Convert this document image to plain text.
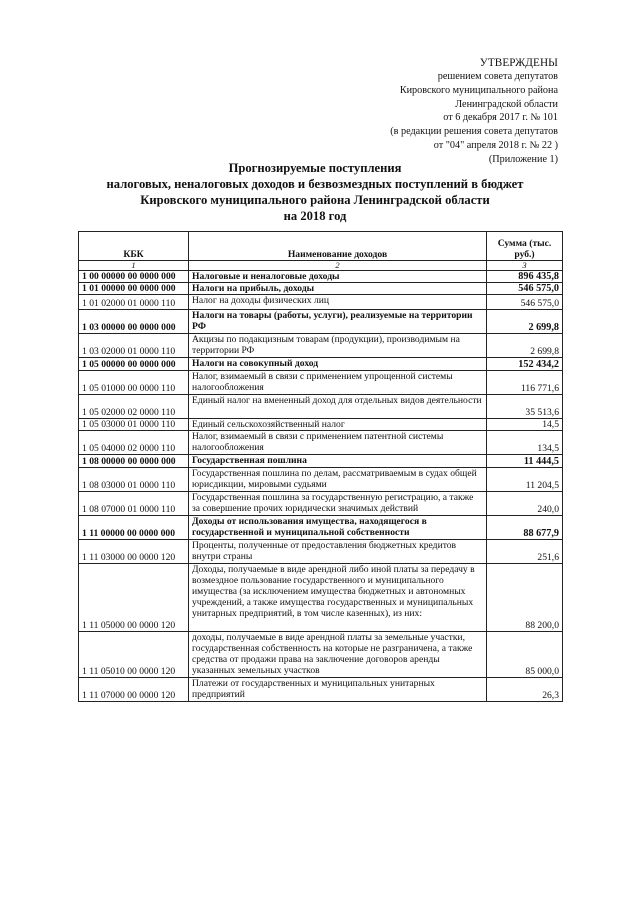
УТВЕРЖДЕНЫ
решением совета депутатов
Кировского муниципального района
Ленинградской области
от 6 декабря 2017 г. № 101
(в редакции решения совета депутатов
от "04" апреля 2018 г. № 22 )
(Приложение 1)
Прогнозируемые поступления
налоговых, неналоговых доходов и безвозмездных поступлений в бюджет
Кировского муниципального района Ленинградской области
на 2018 год
КБК	Наименование доходов	Сумма (тыс. руб.)
1	2	3
1 00 00000 00 0000 000	Налоговые и неналоговые доходы	896 435,8
1 01 00000 00 0000 000	Налоги на прибыль, доходы	546 575,0
1 01 02000 01 0000 110	Налог на доходы физических лиц	546 575,0
1 03 00000 00 0000 000	Налоги на товары (работы, услуги), реализуемые на территории РФ	2 699,8
1 03 02000 01 0000 110	Акцизы по подакцизным товарам (продукции), производимым на территории РФ	2 699,8
1 05 00000 00 0000 000	Налоги на совокупный доход	152 434,2
1 05 01000 00 0000 110	Налог, взимаемый в связи с применением упрощенной системы налогообложения	116 771,6
1 05 02000 02 0000 110	Единый налог на вмененный доход для отдельных видов деятельности	35 513,6
1 05 03000 01 0000 110	Единый сельскохозяйственный налог	14,5
1 05 04000 02 0000 110	Налог, взимаемый в связи с применением патентной системы налогообложения	134,5
1 08 00000 00 0000 000	Государственная пошлина	11 444,5
1 08 03000 01 0000 110	Государственная пошлина по делам, рассматриваемым в судах общей юрисдикции, мировыми судьями	11 204,5
1 08 07000 01 0000 110	Государственная пошлина за государственную регистрацию, а также за совершение прочих юридически значимых действий	240,0
1 11 00000 00 0000 000	Доходы от использования имущества, находящегося в государственной и муниципальной собственности	88 677,9
1 11 03000 00 0000 120	Проценты, полученные от предоставления бюджетных кредитов внутри страны	251,6
1 11 05000 00 0000 120	Доходы, получаемые в виде арендной либо иной платы за передачу в возмездное пользование государственного и муниципального имущества (за исключением имущества бюджетных и автономных учреждений, а также имущества государственных и муниципальных унитарных предприятий, в том числе казенных), из них:	88 200,0
1 11 05010 00 0000 120	доходы, получаемые в виде арендной платы за земельные участки, государственная собственность на которые не разграничена, а также средства от продажи права на заключение договоров аренды указанных земельных участков	85 000,0
1 11 07000 00 0000 120	Платежи от государственных и муниципальных унитарных предприятий	26,3
